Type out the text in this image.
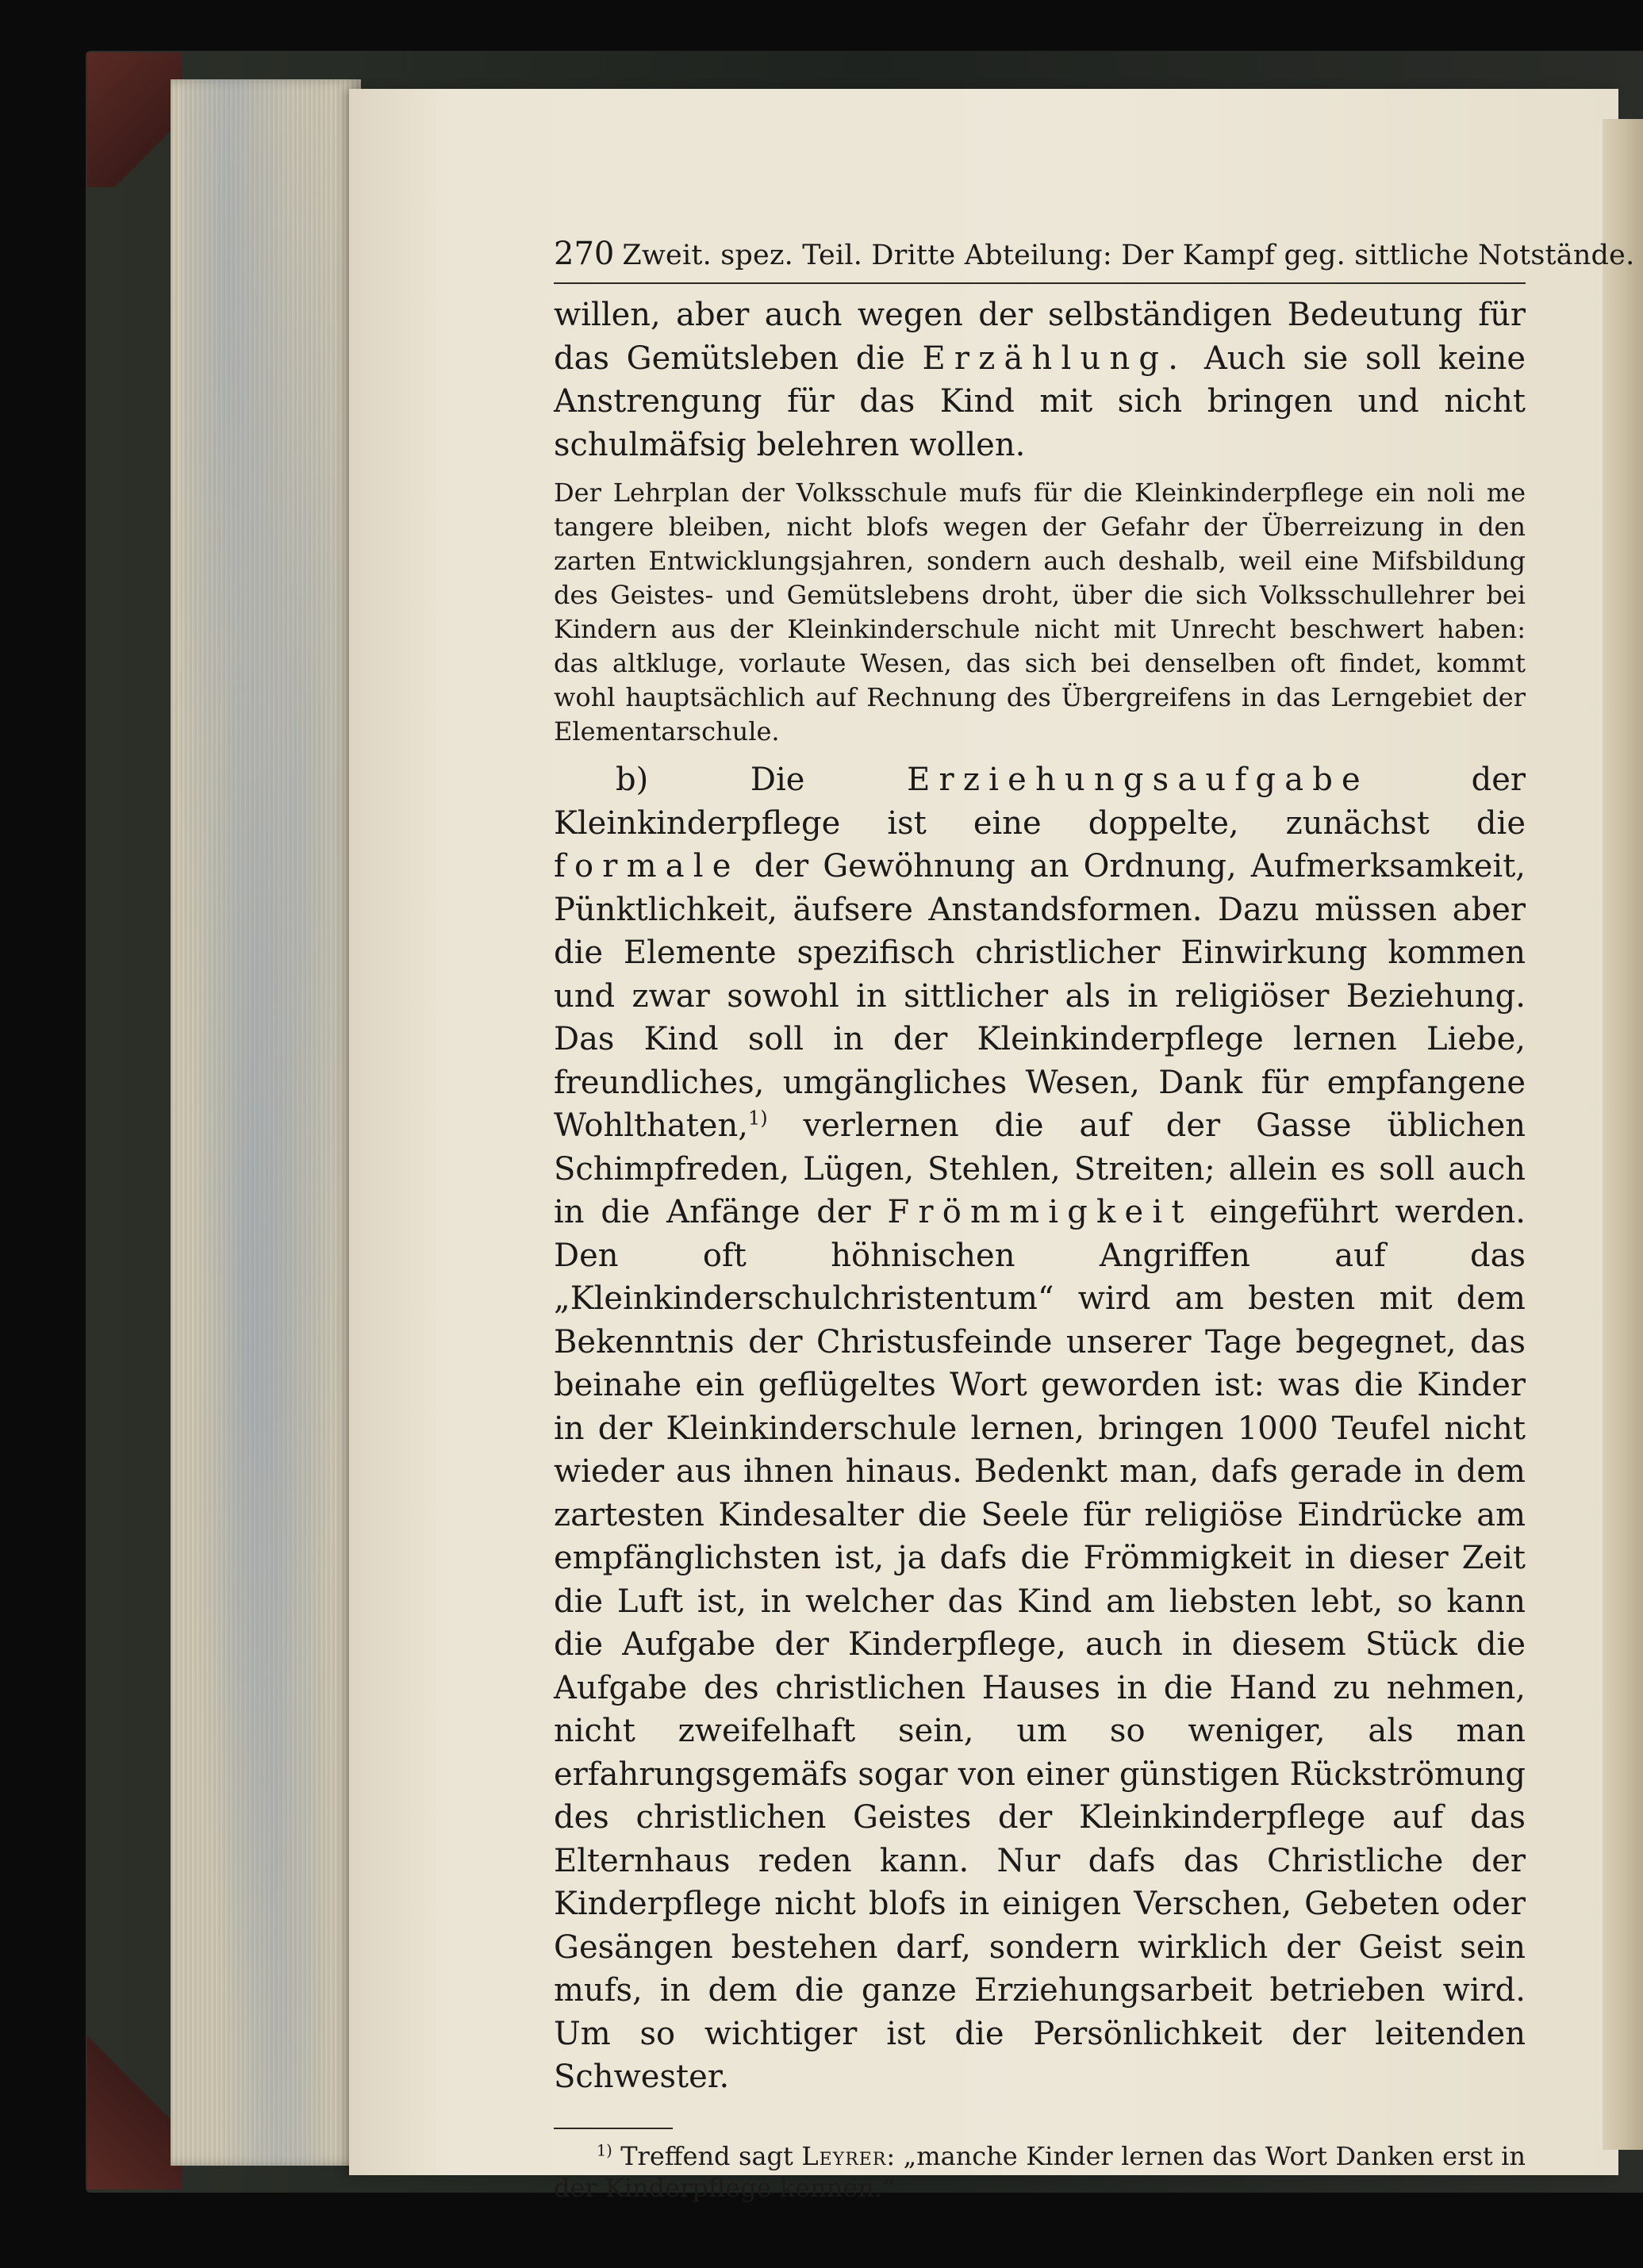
270 Zweit. spez. Teil. Dritte Abteilung: Der Kampf geg. sittliche Notstände.

willen, aber auch wegen der selbständigen Bedeutung für das Gemütsleben die Erzählung. Auch sie soll keine Anstrengung für das Kind mit sich bringen und nicht schulmäfsig belehren wollen.

Der Lehrplan der Volksschule mufs für die Kleinkinderpflege ein noli me tangere bleiben, nicht blofs wegen der Gefahr der Überreizung in den zarten Entwicklungsjahren, sondern auch deshalb, weil eine Mifsbildung des Geistes- und Gemütslebens droht, über die sich Volksschullehrer bei Kindern aus der Kleinkinderschule nicht mit Unrecht beschwert haben: das altkluge, vorlaute Wesen, das sich bei denselben oft findet, kommt wohl hauptsächlich auf Rechnung des Übergreifens in das Lerngebiet der Elementarschule.

b) Die Erziehungsaufgabe der Kleinkinderpflege ist eine doppelte, zunächst die formale der Gewöhnung an Ordnung, Aufmerksamkeit, Pünktlichkeit, äufsere Anstandsformen. Dazu müssen aber die Elemente spezifisch christlicher Einwirkung kommen und zwar sowohl in sittlicher als in religiöser Beziehung. Das Kind soll in der Kleinkinderpflege lernen Liebe, freundliches, umgängliches Wesen, Dank für empfangene Wohlthaten,$^{1)}$ verlernen die auf der Gasse üblichen Schimpfreden, Lügen, Stehlen, Streiten; allein es soll auch in die Anfänge der Frömmigkeit eingeführt werden. Den oft höhnischen Angriffen auf das „Kleinkinderschulchristentum“ wird am besten mit dem Bekenntnis der Christusfeinde unserer Tage begegnet, das beinahe ein geflügeltes Wort geworden ist: was die Kinder in der Kleinkinderschule lernen, bringen 1000 Teufel nicht wieder aus ihnen hinaus. Bedenkt man, dafs gerade in dem zartesten Kindesalter die Seele für religiöse Eindrücke am empfänglichsten ist, ja dafs die Frömmigkeit in dieser Zeit die Luft ist, in welcher das Kind am liebsten lebt, so kann die Aufgabe der Kinderpflege, auch in diesem Stück die Aufgabe des christlichen Hauses in die Hand zu nehmen, nicht zweifelhaft sein, um so weniger, als man erfahrungsgemäfs sogar von einer günstigen Rückströmung des christlichen Geistes der Kleinkinderpflege auf das Elternhaus reden kann. Nur dafs das Christliche der Kinderpflege nicht blofs in einigen Verschen, Gebeten oder Gesängen bestehen darf, sondern wirklich der Geist sein mufs, in dem die ganze Erziehungsarbeit betrieben wird. Um so wichtiger ist die Persönlichkeit der leitenden Schwester.

$^{1)}$ Treffend sagt Leyrer: „manche Kinder lernen das Wort Danken erst in der Kinderpflege kennen.“
